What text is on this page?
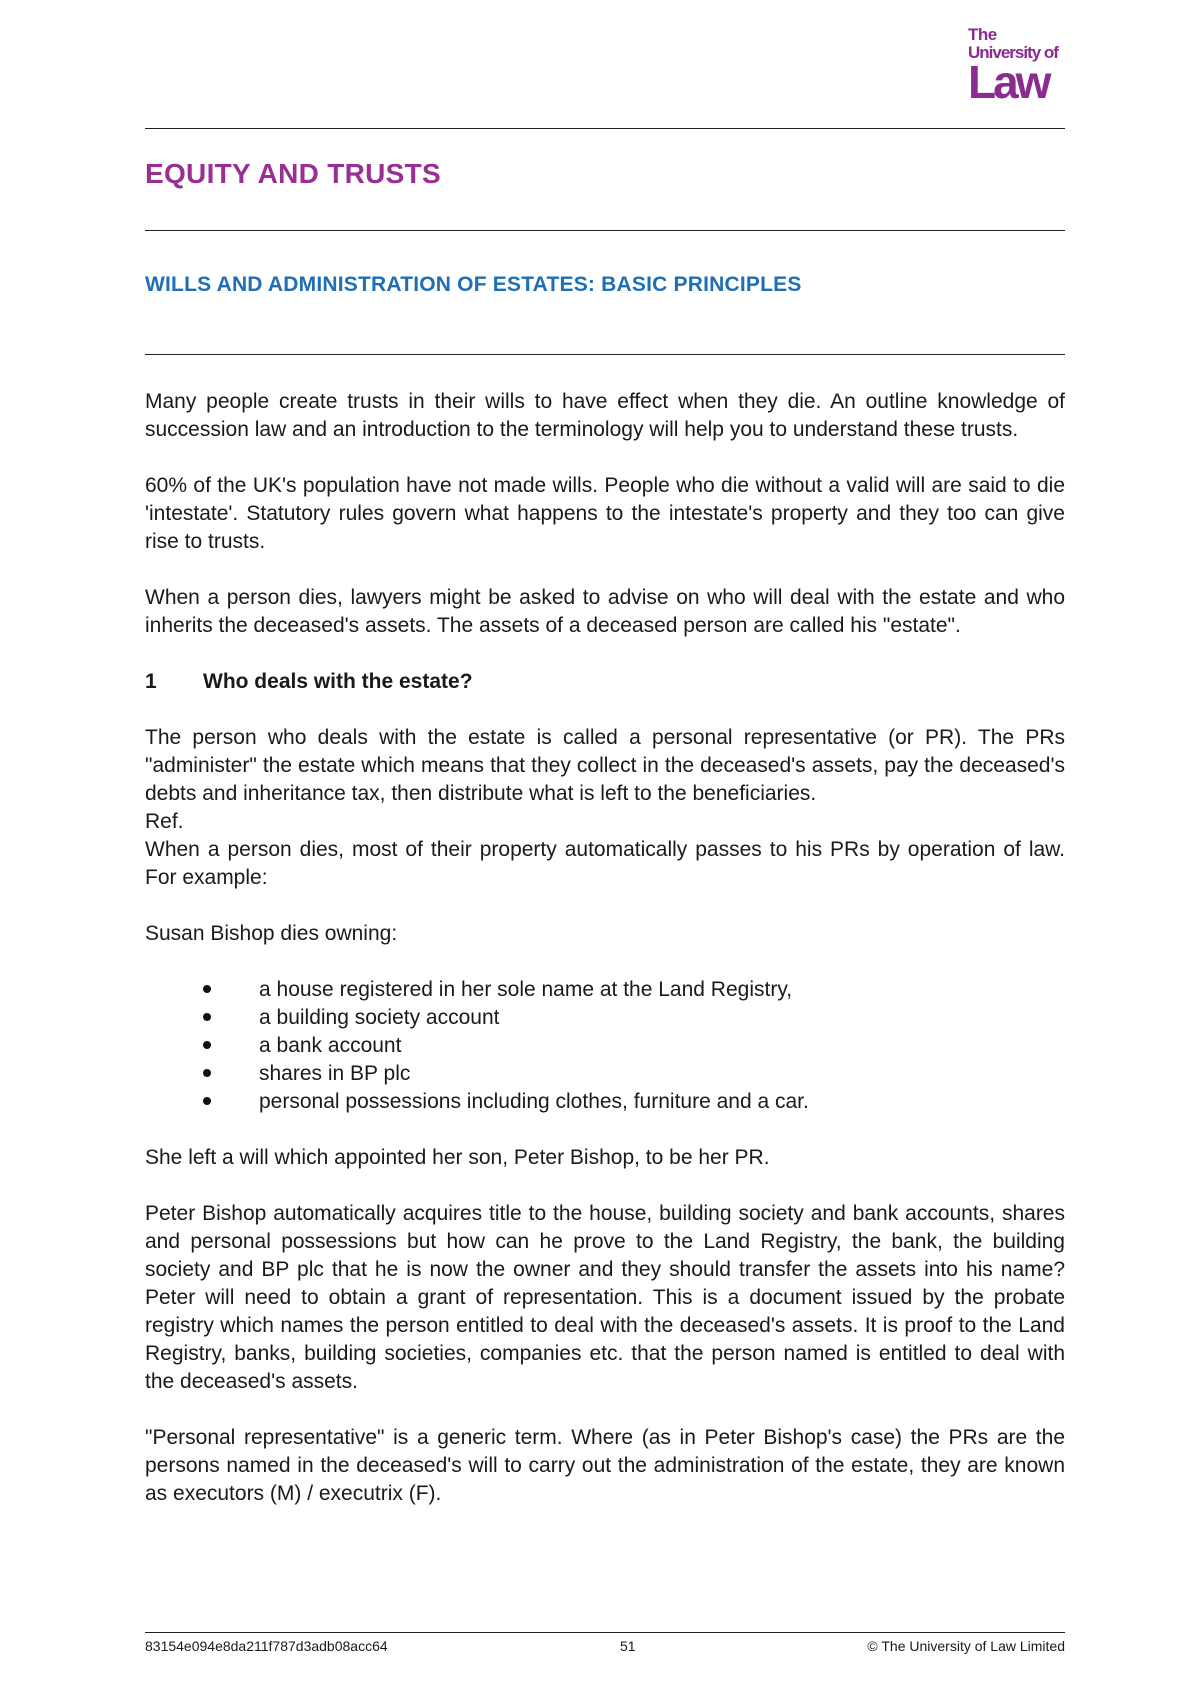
The
University of
Law
EQUITY AND TRUSTS
WILLS AND ADMINISTRATION OF ESTATES: BASIC PRINCIPLES

Many people create trusts in their wills to have effect when they die. An outline knowledge of succession law and an introduction to the terminology will help you to understand these trusts.

60% of the UK's population have not made wills. People who die without a valid will are said to die 'intestate'. Statutory rules govern what happens to the intestate's property and they too can give rise to trusts.

When a person dies, lawyers might be asked to advise on who will deal with the estate and who inherits the deceased's assets. The assets of a deceased person are called his "estate".

1 Who deals with the estate?

The person who deals with the estate is called a personal representative (or PR). The PRs "administer" the estate which means that they collect in the deceased's assets, pay the deceased's debts and inheritance tax, then distribute what is left to the beneficiaries.

Ref.

When a person dies, most of their property automatically passes to his PRs by operation of law. For example:

Susan Bishop dies owning:

a house registered in her sole name at the Land Registry,
a building society account
a bank account
shares in BP plc
personal possessions including clothes, furniture and a car.

She left a will which appointed her son, Peter Bishop, to be her PR.

Peter Bishop automatically acquires title to the house, building society and bank accounts, shares and personal possessions but how can he prove to the Land Registry, the bank, the building society and BP plc that he is now the owner and they should transfer the assets into his name? Peter will need to obtain a grant of representation. This is a document issued by the probate registry which names the person entitled to deal with the deceased's assets. It is proof to the Land Registry, banks, building societies, companies etc. that the person named is entitled to deal with the deceased's assets.

"Personal representative" is a generic term. Where (as in Peter Bishop's case) the PRs are the persons named in the deceased's will to carry out the administration of the estate, they are known as executors (M) / executrix (F).

83154e094e8da211f787d3adb08acc64	51	© The University of Law Limited
